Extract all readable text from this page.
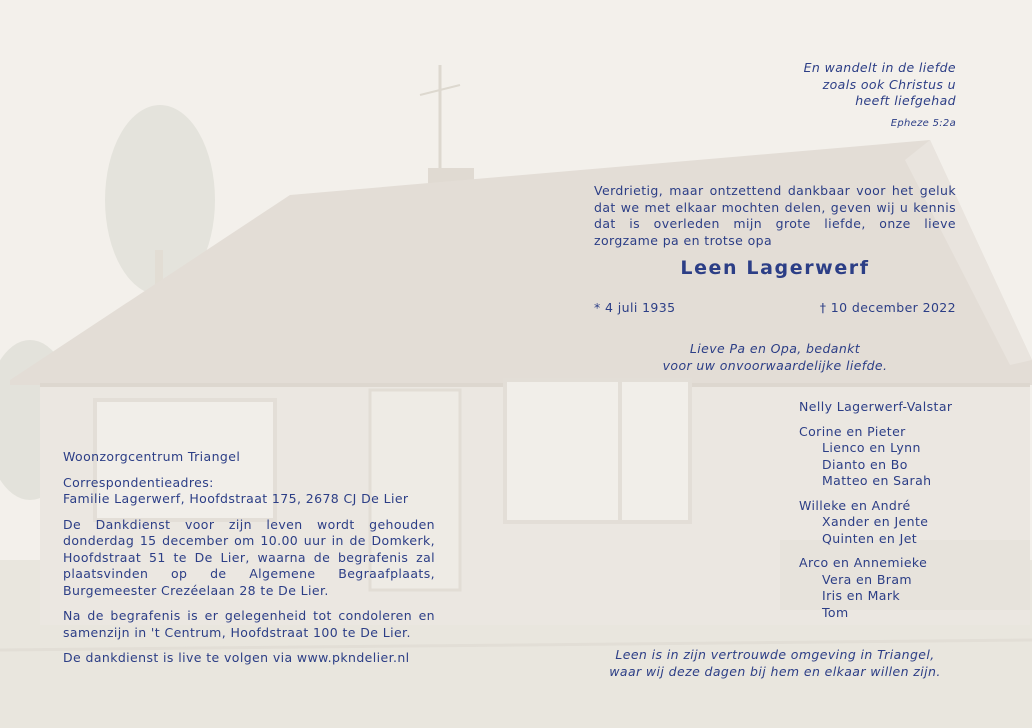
En wandelt in de liefde
zoals ook Christus u
heeft liefgehad
Epheze 5:2a
Verdrietig, maar ontzettend dankbaar voor het geluk dat we met elkaar mochten delen, geven wij u kennis dat is overleden mijn grote liefde, onze lieve zorgzame pa en trotse opa
Leen Lagerwerf
* 4 juli 1935	† 10 december 2022
Lieve Pa en Opa, bedankt
voor uw onvoorwaardelijke liefde.
Nelly Lagerwerf-Valstar
Corine en Pieter
Lienco en Lynn
Dianto en Bo
Matteo en Sarah
Willeke en André
Xander en Jente
Quinten en Jet
Arco en Annemieke
Vera en Bram
Iris en Mark
Tom

Woonzorgcentrum Triangel

Correspondentieadres:
Familie Lagerwerf, Hoofdstraat 175, 2678 CJ De Lier

De Dankdienst voor zijn leven wordt gehouden donderdag 15 december om 10.00 uur in de Domkerk, Hoofdstraat 51 te De Lier, waarna de begrafenis zal plaatsvinden op de Algemene Begraafplaats, Burgemeester Crezéelaan 28 te De Lier.

Na de begrafenis is er gelegenheid tot condoleren en samenzijn in 't Centrum, Hoofdstraat 100 te De Lier.

De dankdienst is live te volgen via www.pkndelier.nl	Leen is in zijn vertrouwde omgeving in Triangel,
waar wij deze dagen bij hem en elkaar willen zijn.
